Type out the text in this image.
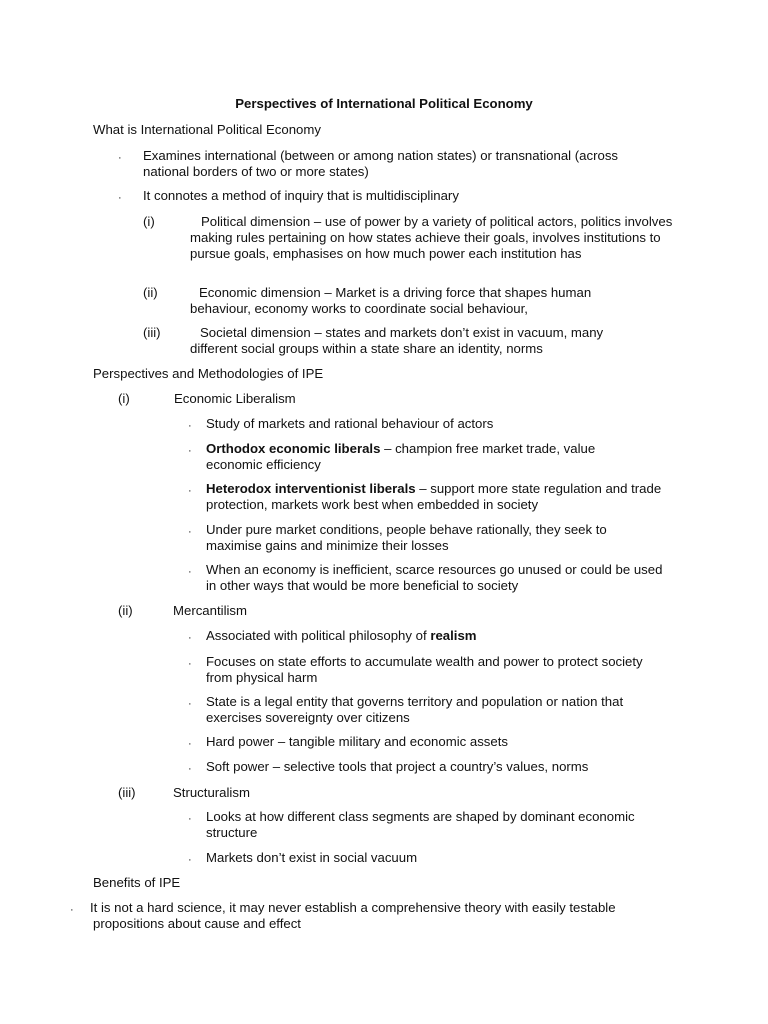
Perspectives of International Political Economy
What is International Political Economy
· Examines international (between or among nation states) or transnational (across national borders of two or more states)
· It connotes a method of inquiry that is multidisciplinary
(i)	Political dimension – use of power by a variety of political actors, politics involves making rules pertaining on how states achieve their goals, involves institutions to pursue goals, emphasises on how much power each institution has
(ii)	Economic dimension – Market is a driving force that shapes human behaviour, economy works to coordinate social behaviour,
(iii)	Societal dimension – states and markets don’t exist in vacuum, many different social groups within a state share an identity, norms
Perspectives and Methodologies of IPE
(i)	Economic Liberalism
· Study of markets and rational behaviour of actors
· Orthodox economic liberals – champion free market trade, value economic efficiency
· Heterodox interventionist liberals – support more state regulation and trade protection, markets work best when embedded in society
· Under pure market conditions, people behave rationally, they seek to maximise gains and minimize their losses
· When an economy is inefficient, scarce resources go unused or could be used in other ways that would be more beneficial to society
(ii)	Mercantilism
· Associated with political philosophy of realism
· Focuses on state efforts to accumulate wealth and power to protect society from physical harm
· State is a legal entity that governs territory and population or nation that exercises sovereignty over citizens
· Hard power – tangible military and economic assets
· Soft power – selective tools that project a country’s values, norms
(iii)	Structuralism
· Looks at how different class segments are shaped by dominant economic structure
· Markets don’t exist in social vacuum
Benefits of IPE
· It is not a hard science, it may never establish a comprehensive theory with easily testable propositions about cause and effect
